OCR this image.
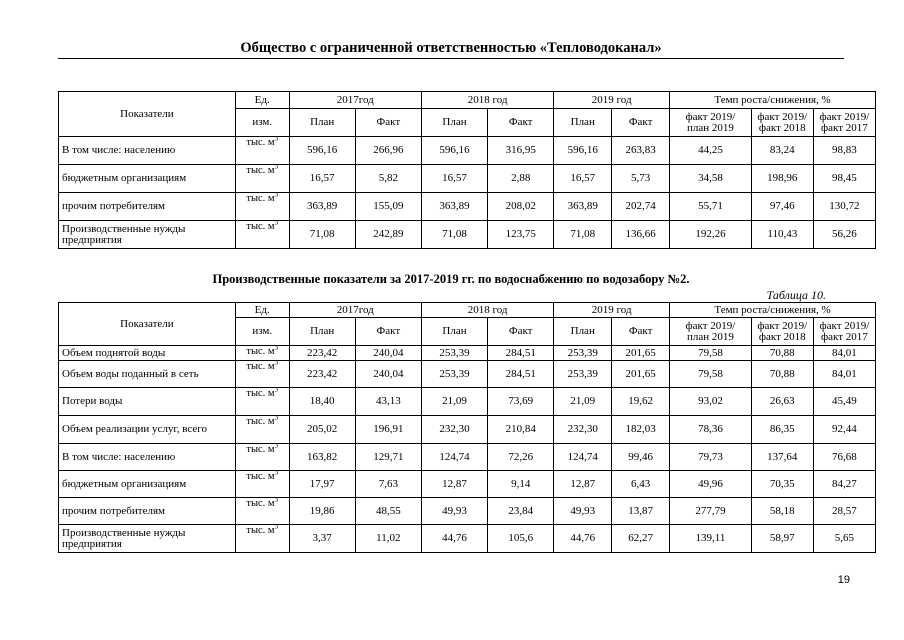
Общество с ограниченной ответственностью «Тепловодоканал»
Показатели	Ед.	2017год		2018 год		2019 год		Темп роста/снижения, %		
	изм.	План	Факт	План	Факт	План	Факт	факт 2019/ план 2019	факт 2019/ факт 2018	факт 2019/ факт 2017
В том числе: населению	тыс. $м^3$	596,16	266,96	596,16	316,95	596,16	263,83	44,25	83,24	98,83
бюджетным организациям	тыс. $м^3$	16,57	5,82	16,57	2,88	16,57	5,73	34,58	198,96	98,45
прочим потребителям	тыс. $м^3$	363,89	155,09	363,89	208,02	363,89	202,74	55,71	97,46	130,72
Производственные нужды предприятия	тыс. $м^3$	71,08	242,89	71,08	123,75	71,08	136,66	192,26	110,43	56,26
Производственные показатели за 2017-2019 гг. по водоснабжению по водозабору №2.
Таблица 10.
Показатели	Ед.	2017год		2018 год		2019 год		Темп роста/снижения, %		
	изм.	План	Факт	План	Факт	План	Факт	факт 2019/ план 2019	факт 2019/ факт 2018	факт 2019/ факт 2017
Объем поднятой воды	тыс. $м^3$	223,42	240,04	253,39	284,51	253,39	201,65	79,58	70,88	84,01
Объем воды поданный в сеть	тыс. $м^3$	223,42	240,04	253,39	284,51	253,39	201,65	79,58	70,88	84,01
Потери воды	тыс. $м^3$	18,40	43,13	21,09	73,69	21,09	19,62	93,02	26,63	45,49
Объем реализации услуг, всего	тыс. $м^3$	205,02	196,91	232,30	210,84	232,30	182,03	78,36	86,35	92,44
В том числе: населению	тыс. $м^3$	163,82	129,71	124,74	72,26	124,74	99,46	79,73	137,64	76,68
бюджетным организациям	тыс. $м^3$	17,97	7,63	12,87	9,14	12,87	6,43	49,96	70,35	84,27
прочим потребителям	тыс. $м^3$	19,86	48,55	49,93	23,84	49,93	13,87	277,79	58,18	28,57
Производственные нужды предприятия	тыс. $м^3$	3,37	11,02	44,76	105,6	44,76	62,27	139,11	58,97	5,65
19
